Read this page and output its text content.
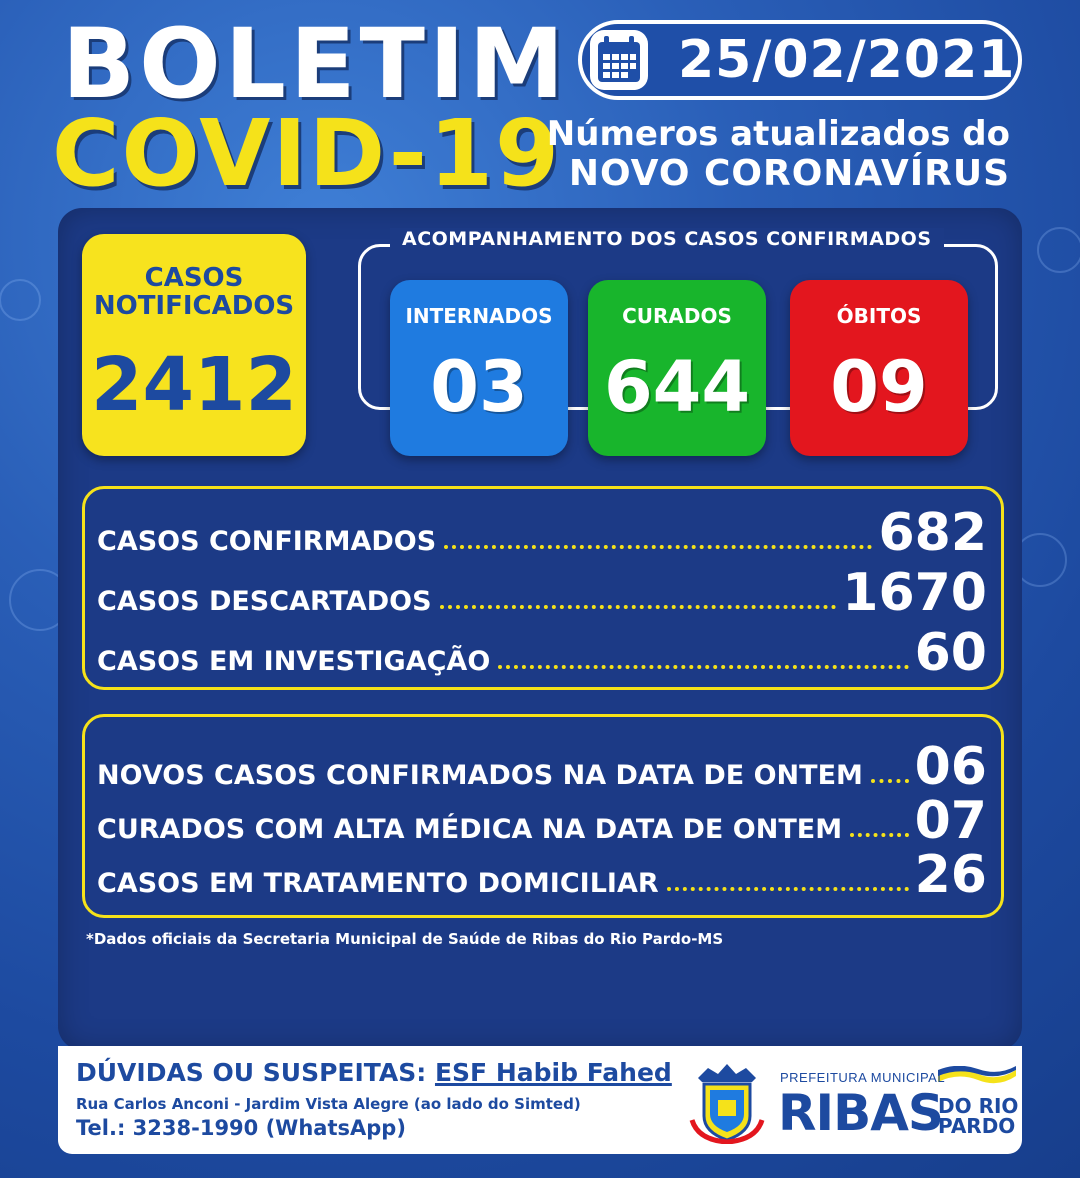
BOLETIM
COVID-19
25/02/2021
Números atualizados do
NOVO CORONAVÍRUS
CASOS
NOTIFICADOS
2412
ACOMPANHAMENTO DOS CASOS CONFIRMADOS
INTERNADOS
03
CURADOS
644
ÓBITOS
09
CASOS CONFIRMADOS	682
CASOS DESCARTADOS	1670
CASOS EM INVESTIGAÇÃO	60
NOVOS CASOS CONFIRMADOS NA DATA DE ONTEM 06
CURADOS COM ALTA MÉDICA NA DATA DE ONTEM 07
CASOS EM TRATAMENTO DOMICILIAR	26
*Dados oficiais da Secretaria Municipal de Saúde de Ribas do Rio Pardo-MS
DÚVIDAS OU SUSPEITAS: ESF Habib Fahed
Rua Carlos Anconi - Jardim Vista Alegre (ao lado do Simted)
Tel.: 3238-1990 (WhatsApp)
PREFEITURA MUNICIPAL
RIBAS
DO RIO
PARDO
